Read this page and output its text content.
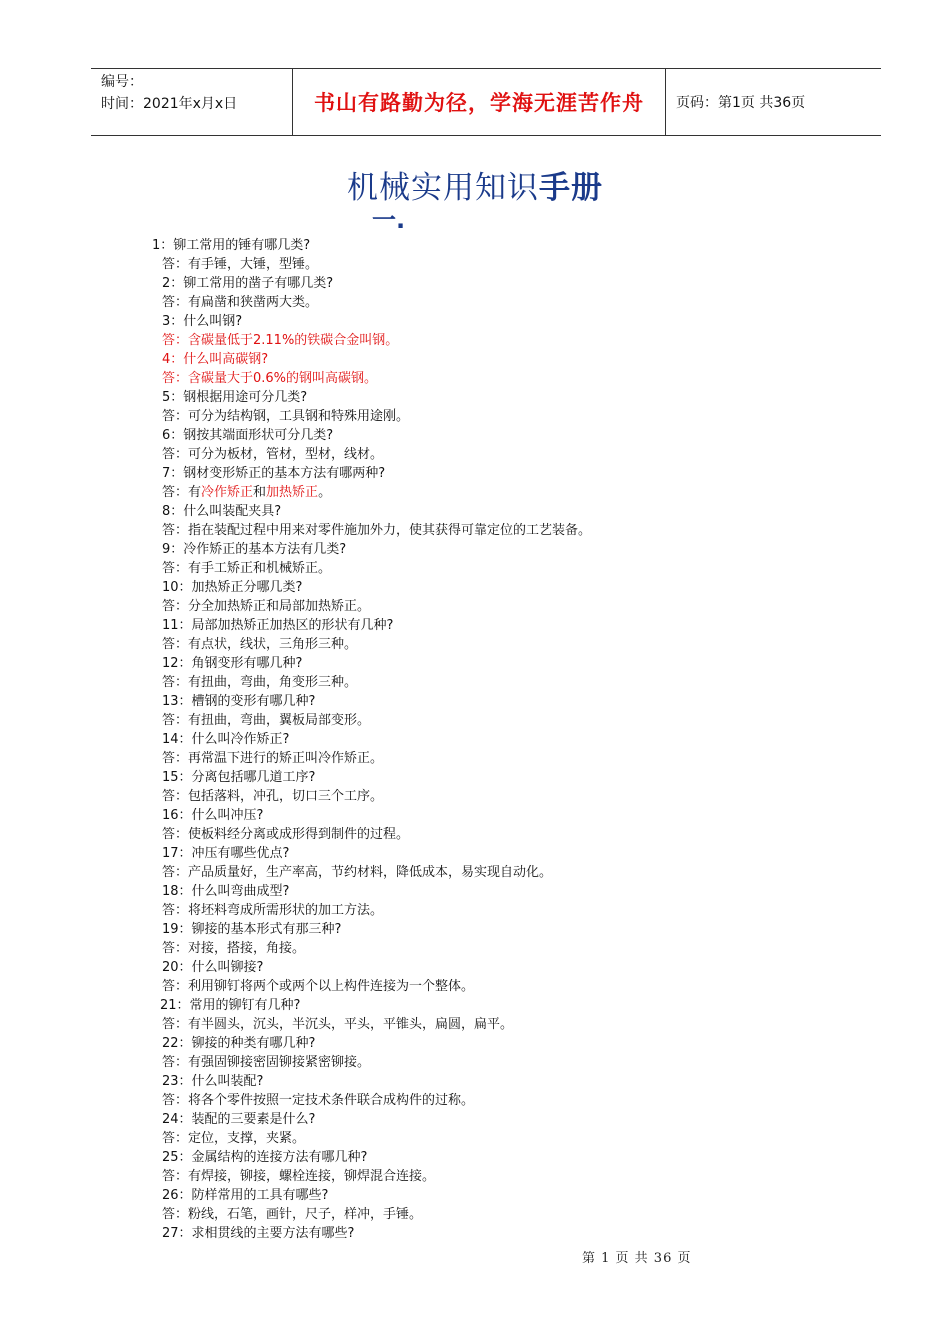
编号：
时间：2021年x月x日	书山有路勤为径，学海无涯苦作舟 页码：第1页 共36页
机械实用知识手册
一.
1：铆工常用的锤有哪几类?
答：有手锤，大锤，型锤。
2：铆工常用的凿子有哪几类?
答：有扁凿和狭凿两大类。
3：什么叫钢?
答：含碳量低于2.11%的铁碳合金叫钢。
4：什么叫高碳钢?
答：含碳量大于0.6%的钢叫高碳钢。
5：钢根据用途可分几类?
答：可分为结构钢，工具钢和特殊用途刚。
6：钢按其端面形状可分几类?
答：可分为板材，管材，型材，线材。
7：钢材变形矫正的基本方法有哪两种?
答：有冷作矫正和加热矫正。
8：什么叫装配夹具?
答：指在装配过程中用来对零件施加外力，使其获得可靠定位的工艺装备。
9：冷作矫正的基本方法有几类?
答：有手工矫正和机械矫正。
10：加热矫正分哪几类?
答：分全加热矫正和局部加热矫正。
11：局部加热矫正加热区的形状有几种?
答：有点状，线状，三角形三种。
12：角钢变形有哪几种?
答：有扭曲，弯曲，角变形三种。
13：槽钢的变形有哪几种?
答：有扭曲，弯曲，翼板局部变形。
14：什么叫冷作矫正?
答：再常温下进行的矫正叫冷作矫正。
15：分离包括哪几道工序?
答：包括落料，冲孔，切口三个工序。
16：什么叫冲压?
答：使板料经分离或成形得到制件的过程。
17：冲压有哪些优点?
答：产品质量好，生产率高，节约材料，降低成本，易实现自动化。
18：什么叫弯曲成型?
答：将坯料弯成所需形状的加工方法。
19：铆接的基本形式有那三种?
答：对接，搭接，角接。
20：什么叫铆接?
答：利用铆钉将两个或两个以上构件连接为一个整体。
21：常用的铆钉有几种?
答：有半圆头，沉头，半沉头，平头，平锥头，扁圆，扁平。
22：铆接的种类有哪几种?
答：有强固铆接密固铆接紧密铆接。
23：什么叫装配?
答：将各个零件按照一定技术条件联合成构件的过称。
24：装配的三要素是什么?
答：定位，支撑，夹紧。
25：金属结构的连接方法有哪几种?
答：有焊接，铆接，螺栓连接，铆焊混合连接。
26：防样常用的工具有哪些?
答：粉线，石笔，画针，尺子，样冲，手锤。
27：求相贯线的主要方法有哪些?
第 1 页 共 36 页
